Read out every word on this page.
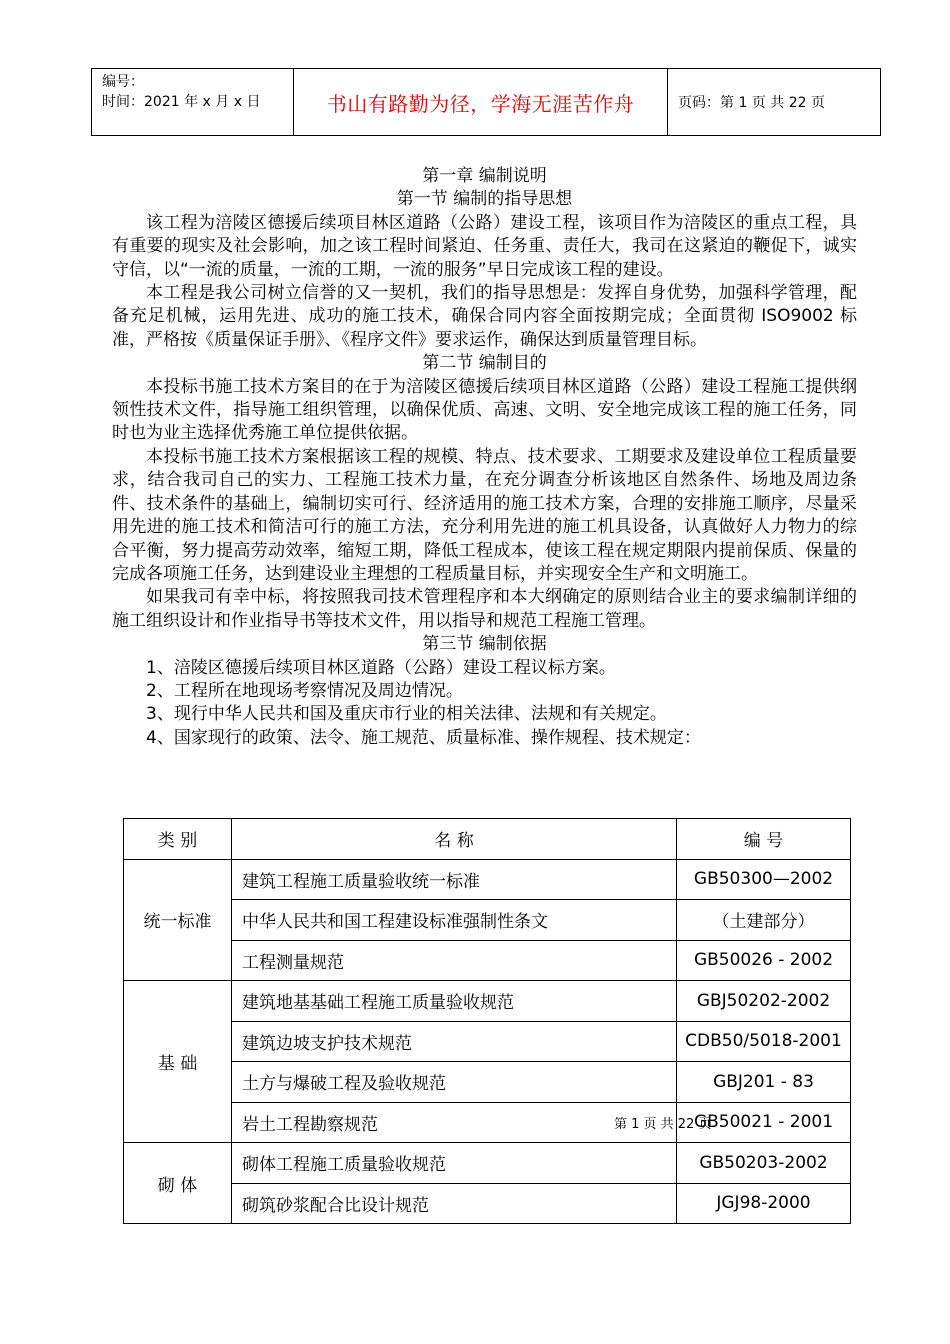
编号：
时间：2021 年 x 月 x 日	书山有路勤为径，学海无涯苦作舟	页码：第 1 页 共 22 页
第一章 编制说明
第一节 编制的指导思想
该工程为涪陵区德援后续项目林区道路（公路）建设工程，该项目作为涪陵区的重点工程，具有重要的现实及社会影响，加之该工程时间紧迫、任务重、责任大，我司在这紧迫的鞭促下，诚实守信，以“一流的质量，一流的工期，一流的服务”早日完成该工程的建设。
本工程是我公司树立信誉的又一契机，我们的指导思想是：发挥自身优势，加强科学管理，配备充足机械，运用先进、成功的施工技术，确保合同内容全面按期完成；全面贯彻 ISO9002 标准，严格按《质量保证手册》、《程序文件》要求运作，确保达到质量管理目标。
第二节 编制目的
本投标书施工技术方案目的在于为涪陵区德援后续项目林区道路（公路）建设工程施工提供纲领性技术文件，指导施工组织管理，以确保优质、高速、文明、安全地完成该工程的施工任务，同时也为业主选择优秀施工单位提供依据。
本投标书施工技术方案根据该工程的规模、特点、技术要求、工期要求及建设单位工程质量要求，结合我司自己的实力、工程施工技术力量，在充分调查分析该地区自然条件、场地及周边条件、技术条件的基础上，编制切实可行、经济适用的施工技术方案，合理的安排施工顺序，尽量采用先进的施工技术和简洁可行的施工方法，充分利用先进的施工机具设备，认真做好人力物力的综合平衡，努力提高劳动效率，缩短工期，降低工程成本，使该工程在规定期限内提前保质、保量的完成各项施工任务，达到建设业主理想的工程质量目标，并实现安全生产和文明施工。
如果我司有幸中标，将按照我司技术管理程序和本大纲确定的原则结合业主的要求编制详细的施工组织设计和作业指导书等技术文件，用以指导和规范工程施工管理。
第三节 编制依据
1、涪陵区德援后续项目林区道路（公路）建设工程议标方案。
2、工程所在地现场考察情况及周边情况。
3、现行中华人民共和国及重庆市行业的相关法律、法规和有关规定。
4、国家现行的政策、法令、施工规范、质量标准、操作规程、技术规定：
类 别	名 称	编 号
统一标准	建筑工程施工质量验收统一标准	GB50300—2002
	中华人民共和国工程建设标准强制性条文	（土建部分）
	工程测量规范	GB50026 - 2002
基 础	建筑地基基础工程施工质量验收规范	GBJ50202-2002
	建筑边坡支护技术规范	CDB50/5018-2001
	土方与爆破工程及验收规范	GBJ201 - 83
	岩土工程勘察规范	GB50021 - 2001
砌 体	砌体工程施工质量验收规范	GB50203-2002
	砌筑砂浆配合比设计规范	JGJ98-2000
第 1 页 共 22 页
